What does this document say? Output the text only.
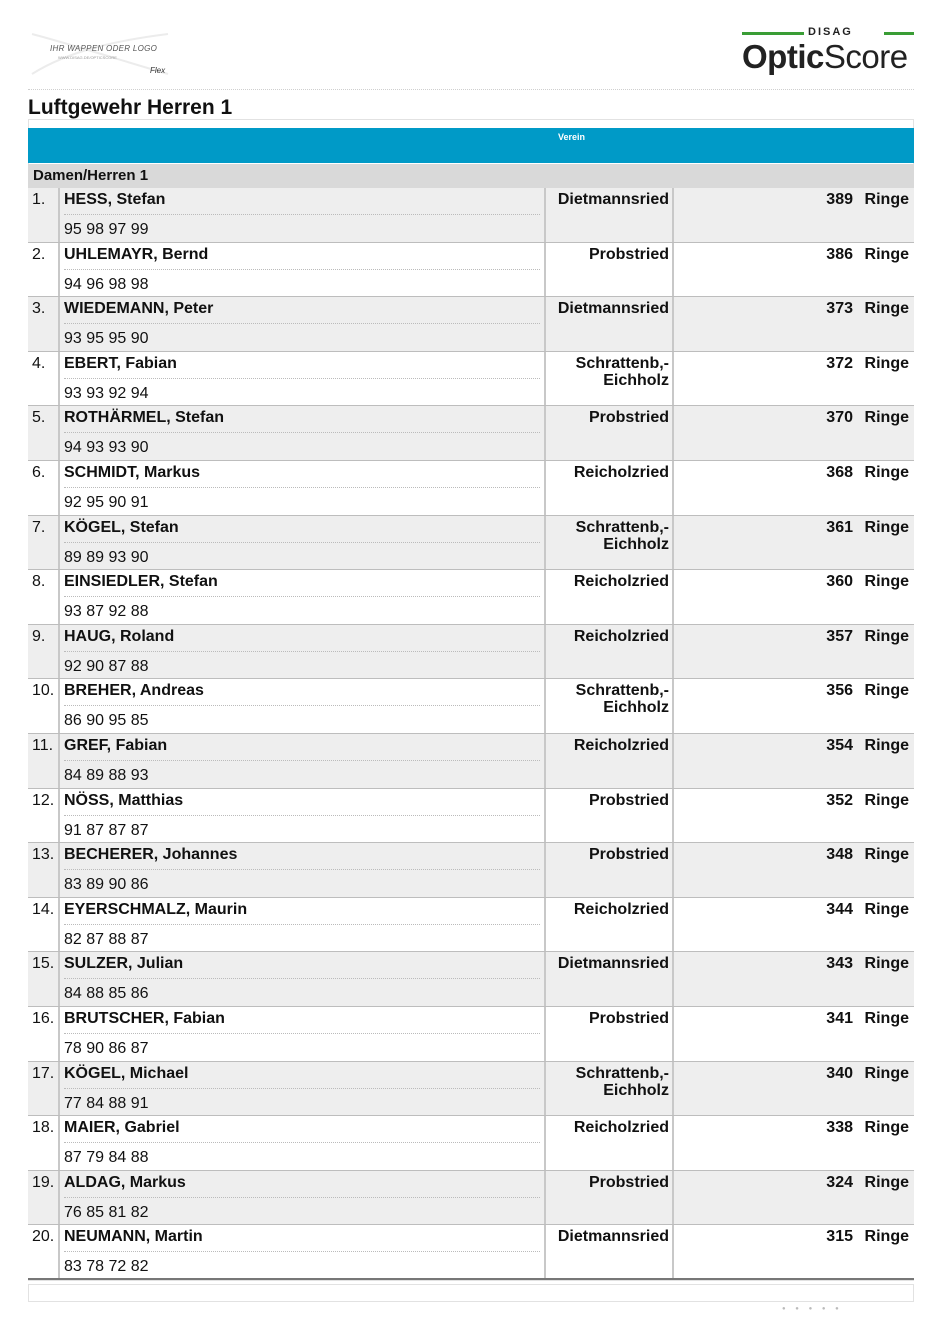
IHR WAPPEN ODER LOGO
WWW.DISAG.DE/OPTICSCORE
Flex
DISAG
OpticScore
Luftgewehr Herren 1
Verein
Damen/Herren 1
1. HESS, Stefan
95 98 97 99
Dietmannsried	389 Ringe
2. UHLEMAYR, Bernd
94 96 98 98
Probstried	386 Ringe
3. WIEDEMANN, Peter
93 95 95 90
Dietmannsried	373 Ringe
4. EBERT, Fabian
93 93 92 94
Schrattenb,-
Eichholz
372 Ringe
5. ROTHÄRMEL, Stefan
94 93 93 90
Probstried	370 Ringe
6. SCHMIDT, Markus
92 95 90 91
Reicholzried	368 Ringe
7. KÖGEL, Stefan
89 89 93 90
Schrattenb,-
Eichholz
361 Ringe
8. EINSIEDLER, Stefan
93 87 92 88
Reicholzried	360 Ringe
9. HAUG, Roland
92 90 87 88
Reicholzried	357 Ringe
10. BREHER, Andreas
86 90 95 85
Schrattenb,-
Eichholz
356 Ringe
11. GREF, Fabian
84 89 88 93
Reicholzried	354 Ringe
12. NÖSS, Matthias
91 87 87 87
Probstried	352 Ringe
13. BECHERER, Johannes
83 89 90 86
Probstried	348 Ringe
14. EYERSCHMALZ, Maurin
82 87 88 87
Reicholzried	344 Ringe
15. SULZER, Julian
84 88 85 86
Dietmannsried	343 Ringe
16. BRUTSCHER, Fabian
78 90 86 87
Probstried	341 Ringe
17. KÖGEL, Michael
77 84 88 91
Schrattenb,-
Eichholz
340 Ringe
18. MAIER, Gabriel
87 79 84 88
Reicholzried	338 Ringe
19. ALDAG, Markus
76 85 81 82
Probstried	324 Ringe
20. NEUMANN, Martin
83 78 72 82
Dietmannsried	315 Ringe
● ● ● ● ●
